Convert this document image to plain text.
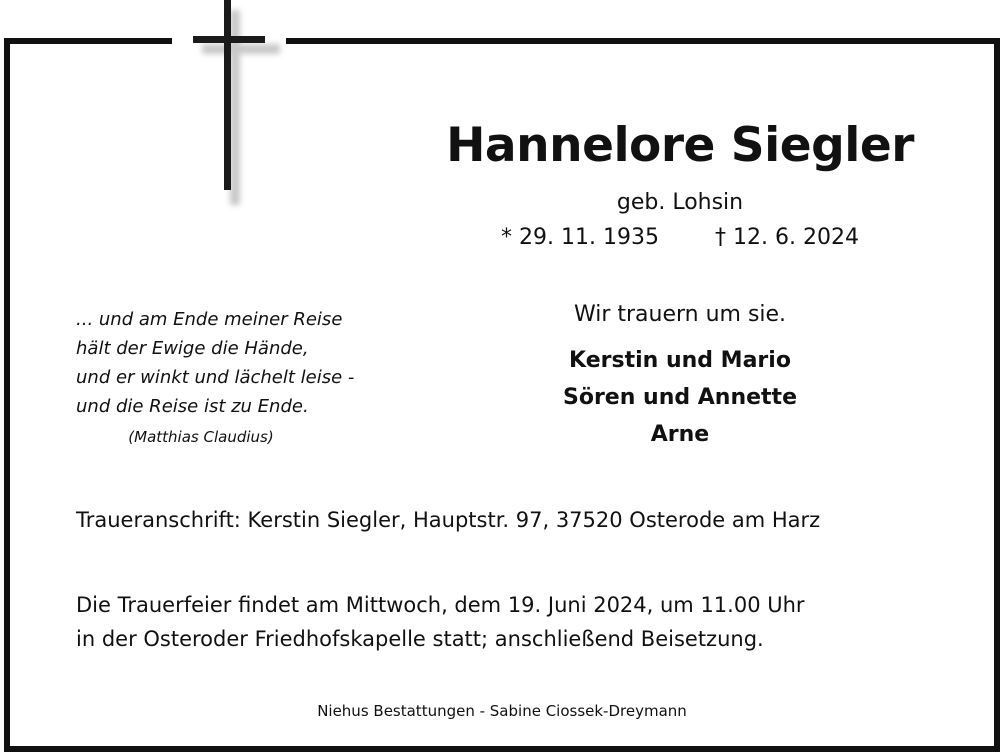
Hannelore Siegler
geb. Lohsin
* 29. 11. 1935	† 12. 6. 2024
... und am Ende meiner Reise
hält der Ewige die Hände,
und er winkt und lächelt leise -
und die Reise ist zu Ende.
(Matthias Claudius)
Wir trauern um sie.
Kerstin und Mario
Sören und Annette
Arne
Traueranschrift: Kerstin Siegler, Hauptstr. 97, 37520 Osterode am Harz
Die Trauerfeier findet am Mittwoch, dem 19. Juni 2024, um 11.00 Uhr
in der Osteroder Friedhofskapelle statt; anschließend Beisetzung.
Niehus Bestattungen - Sabine Ciossek-Dreymann
